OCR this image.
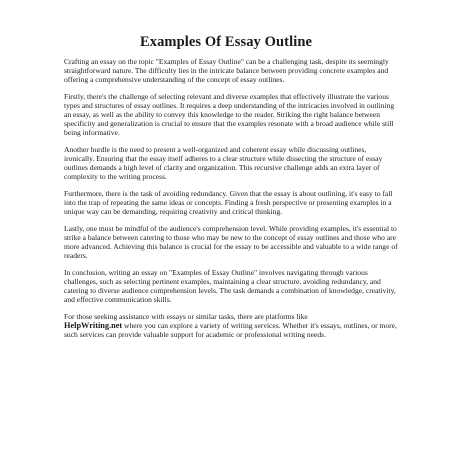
Examples Of Essay Outline

Crafting an essay on the topic "Examples of Essay Outline" can be a challenging task, despite its seemingly straightforward nature. The difficulty lies in the intricate balance between providing concrete examples and offering a comprehensive understanding of the concept of essay outlines.

Firstly, there's the challenge of selecting relevant and diverse examples that effectively illustrate the various types and structures of essay outlines. It requires a deep understanding of the intricacies involved in outlining an essay, as well as the ability to convey this knowledge to the reader. Striking the right balance between specificity and generalization is crucial to ensure that the examples resonate with a broad audience while still being informative.

Another hurdle is the need to present a well-organized and coherent essay while discussing outlines, ironically. Ensuring that the essay itself adheres to a clear structure while dissecting the structure of essay outlines demands a high level of clarity and organization. This recursive challenge adds an extra layer of complexity to the writing process.

Furthermore, there is the task of avoiding redundancy. Given that the essay is about outlining, it's easy to fall into the trap of repeating the same ideas or concepts. Finding a fresh perspective or presenting examples in a unique way can be demanding, requiring creativity and critical thinking.

Lastly, one must be mindful of the audience's comprehension level. While providing examples, it's essential to strike a balance between catering to those who may be new to the concept of essay outlines and those who are more advanced. Achieving this balance is crucial for the essay to be accessible and valuable to a wide range of readers.

In conclusion, writing an essay on "Examples of Essay Outline" involves navigating through various challenges, such as selecting pertinent examples, maintaining a clear structure, avoiding redundancy, and catering to diverse audience comprehension levels. The task demands a combination of knowledge, creativity, and effective communication skills.

For those seeking assistance with essays or similar tasks, there are platforms like
HelpWriting.net where you can explore a variety of writing services. Whether it's essays, outlines, or more, such services can provide valuable support for academic or professional writing needs.
